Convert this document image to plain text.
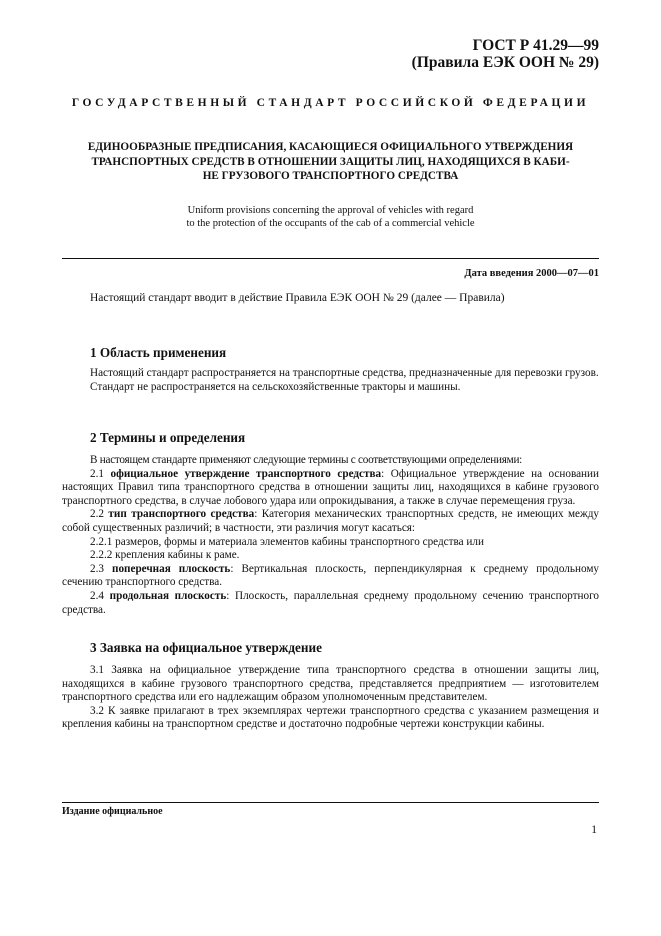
ГОСТ Р 41.29—99
(Правила ЕЭК ООН № 29)
ГОСУДАРСТВЕННЫЙ СТАНДАРТ РОССИЙСКОЙ ФЕДЕРАЦИИ
ЕДИНООБРАЗНЫЕ ПРЕДПИСАНИЯ, КАСАЮЩИЕСЯ ОФИЦИАЛЬНОГО УТВЕРЖДЕНИЯ
ТРАНСПОРТНЫХ СРЕДСТВ В ОТНОШЕНИИ ЗАЩИТЫ ЛИЦ, НАХОДЯЩИХСЯ В КАБИ-
НЕ ГРУЗОВОГО ТРАНСПОРТНОГО СРЕДСТВА
Uniform provisions concerning the approval of vehicles with regard
to the protection of the occupants of the cab of a commercial vehicle
Дата введения 2000—07—01
Настоящий стандарт вводит в действие Правила ЕЭК ООН № 29 (далее — Правила)
1 Область применения

Настоящий стандарт распространяется на транспортные средства, предназначенные для перевозки грузов.

Стандарт не распространяется на сельскохозяйственные тракторы и машины.

2 Термины и определения

В настоящем стандарте применяют следующие термины с соответствующими определениями:

2.1 официальное утверждение транспортного средства: Официальное утверждение на основании настоящих Правил типа транспортного средства в отношении защиты лиц, находящихся в кабине грузового транспортного средства, в случае лобового удара или опрокидывания, а также в случае перемещения груза.

2.2 тип транспортного средства: Категория механических транспортных средств, не имеющих между собой существенных различий; в частности, эти различия могут касаться:

2.2.1 размеров, формы и материала элементов кабины транспортного средства или

2.2.2 крепления кабины к раме.

2.3 поперечная плоскость: Вертикальная плоскость, перпендикулярная к среднему продольному сечению транспортного средства.

2.4 продольная плоскость: Плоскость, параллельная среднему продольному сечению транспортного средства.

3 Заявка на официальное утверждение

3.1 Заявка на официальное утверждение типа транспортного средства в отношении защиты лиц, находящихся в кабине грузового транспортного средства, представляется предприятием — изготовителем транспортного средства или его надлежащим образом уполномоченным представителем.

3.2 К заявке прилагают в трех экземплярах чертежи транспортного средства с указанием размещения и крепления кабины на транспортном средстве и достаточно подробные чертежи конструкции кабины.

Издание официальное
1
